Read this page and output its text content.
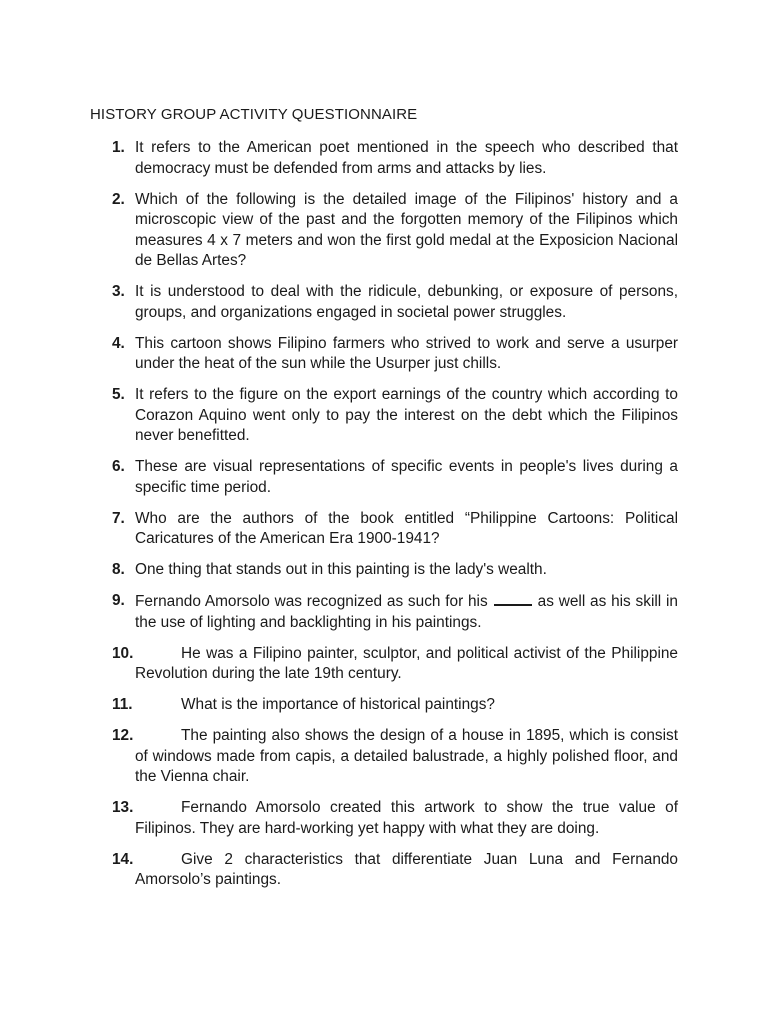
HISTORY GROUP ACTIVITY QUESTIONNAIRE
1. It refers to the American poet mentioned in the speech who described that democracy must be defended from arms and attacks by lies.
2. Which of the following is the detailed image of the Filipinos' history and a microscopic view of the past and the forgotten memory of the Filipinos which measures 4 x 7 meters and won the first gold medal at the Exposicion Nacional de Bellas Artes?
3. It is understood to deal with the ridicule, debunking, or exposure of persons, groups, and organizations engaged in societal power struggles.
4. This cartoon shows Filipino farmers who strived to work and serve a usurper under the heat of the sun while the Usurper just chills.
5. It refers to the figure on the export earnings of the country which according to Corazon Aquino went only to pay the interest on the debt which the Filipinos never benefitted.
6. These are visual representations of specific events in people's lives during a specific time period.
7. Who are the authors of the book entitled “Philippine Cartoons: Political Caricatures of the American Era 1900-1941?
8. One thing that stands out in this painting is the lady's wealth.
9. Fernando Amorsolo was recognized as such for his	as well as his skill in the use of lighting and backlighting in his paintings.
10.	He was a Filipino painter, sculptor, and political activist of the Philippine Revolution during the late 19th century.
11.	What is the importance of historical paintings?
12.	The painting also shows the design of a house in 1895, which is consist of windows made from capis, a detailed balustrade, a highly polished floor, and the Vienna chair.
13.	Fernando Amorsolo created this artwork to show the true value of Filipinos. They are hard-working yet happy with what they are doing.
14.	Give 2 characteristics that differentiate Juan Luna and Fernando Amorsolo’s paintings.
